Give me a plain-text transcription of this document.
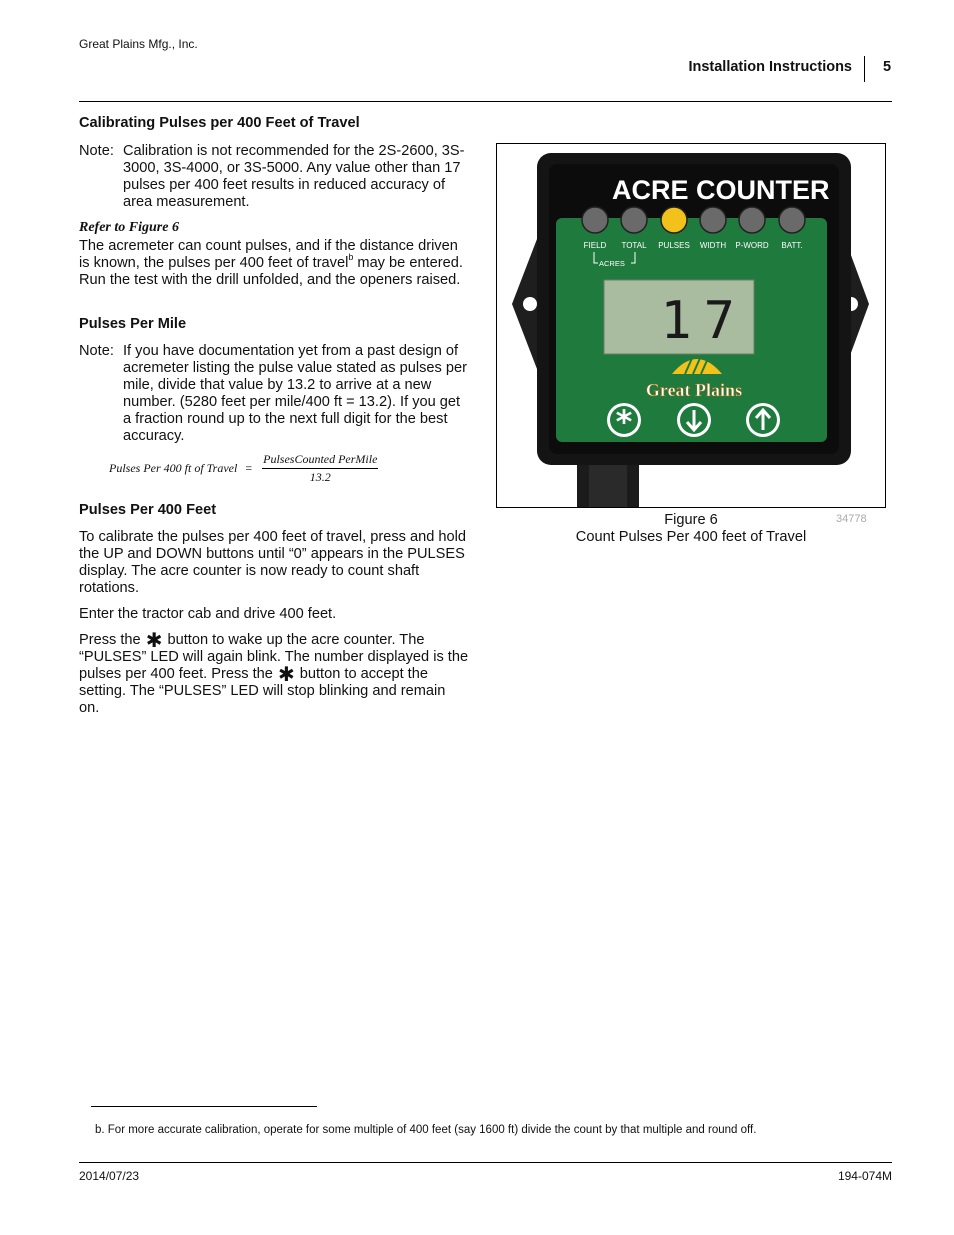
Great Plains Mfg., Inc.
Installation Instructions 5
Calibrating Pulses per 400 Feet of Travel
Note: Calibration is not recommended for the 2S-2600, 3S-3000, 3S-4000, or 3S-5000. Any value other than 17 pulses per 400 feet results in reduced accuracy of area measurement.
Refer to Figure 6

The acremeter can count pulses, and if the distance driven is known, the pulses per 400 feet of travel$^b$ may be entered. Run the test with the drill unfolded, and the openers raised.

Pulses Per Mile
Note: If you have documentation yet from a past design of acremeter listing the pulse value stated as pulses per mile, divide that value by 13.2 to arrive at a new number. (5280 feet per mile/400 ft = 13.2). If you get a fraction round up to the next full digit for the best accuracy.
Pulses Per 400 ft of Travel = $\frac{\text{PulsesCounted PerMile}}{13.2}$
Pulses Per 400 Feet

To calibrate the pulses per 400 feet of travel, press and hold the UP and DOWN buttons until “0” appears in the PULSES display. The acre counter is now ready to count shaft rotations.

Enter the tractor cab and drive 400 feet.

Press the ✱ button to wake up the acre counter. The “PULSES” LED will again blink. The number displayed is the pulses per 400 feet. Press the ✱ button to accept the setting. The “PULSES” LED will stop blinking and remain on.

ACRE COUNTER
FIELD TOTAL PULSES WIDTH P-WORD BATT.
ACRES
17
Great Plains
*
Figure 6
Count Pulses Per 400 feet of Travel
34778
b. For more accurate calibration, operate for some multiple of 400 feet (say 1600 ft) divide the count by that multiple and round off.
2014/07/23	194-074M
